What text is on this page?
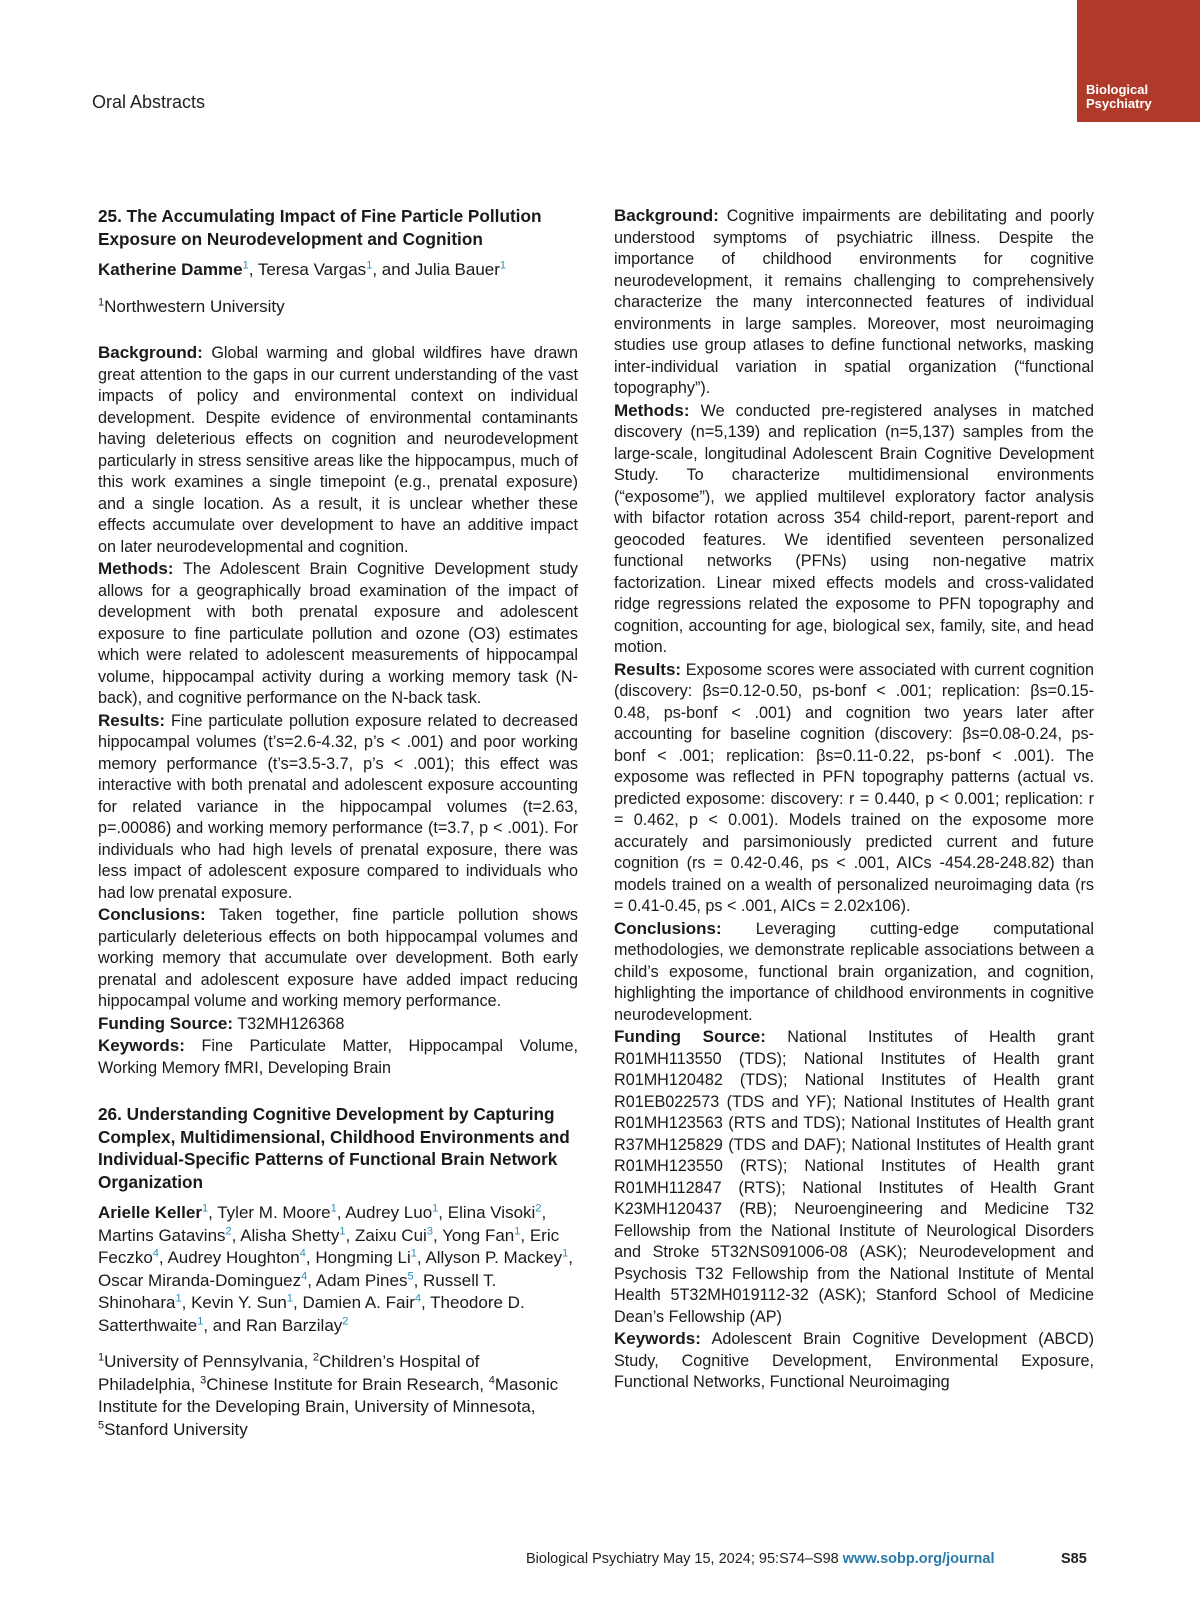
Oral Abstracts
Biological Psychiatry

25. The Accumulating Impact of Fine Particle Pollution Exposure on Neurodevelopment and Cognition

Katherine Damme$^1$, Teresa Vargas$^1$, and Julia Bauer$^1$
$^1$Northwestern University

Background: Global warming and global wildfires have drawn great attention to the gaps in our current understanding of the vast impacts of policy and environmental context on individual development. Despite evidence of environmental contaminants having deleterious effects on cognition and neurodevelopment particularly in stress sensitive areas like the hippocampus, much of this work examines a single timepoint (e.g., prenatal exposure) and a single location. As a result, it is unclear whether these effects accumulate over development to have an additive impact on later neurodevelopmental and cognition.

Methods: The Adolescent Brain Cognitive Development study allows for a geographically broad examination of the impact of development with both prenatal exposure and adolescent exposure to fine particulate pollution and ozone (O3) estimates which were related to adolescent measurements of hippocampal volume, hippocampal activity during a working memory task (N-back), and cognitive performance on the N-back task.

Results: Fine particulate pollution exposure related to decreased hippocampal volumes (t’s=2.6-4.32, p’s < .001) and poor working memory performance (t’s=3.5-3.7, p’s < .001); this effect was interactive with both prenatal and adolescent exposure accounting for related variance in the hippocampal volumes (t=2.63, p=.00086) and working memory performance (t=3.7, p < .001). For individuals who had high levels of prenatal exposure, there was less impact of adolescent exposure compared to individuals who had low prenatal exposure.

Conclusions: Taken together, fine particle pollution shows particularly deleterious effects on both hippocampal volumes and working memory that accumulate over development. Both early prenatal and adolescent exposure have added impact reducing hippocampal volume and working memory performance.

Funding Source: T32MH126368

Keywords: Fine Particulate Matter, Hippocampal Volume, Working Memory fMRI, Developing Brain

26. Understanding Cognitive Development by Capturing Complex, Multidimensional, Childhood Environments and Individual-Specific Patterns of Functional Brain Network Organization

Arielle Keller$^1$, Tyler M. Moore$^1$, Audrey Luo$^1$, Elina Visoki$^2$, Martins Gatavins$^2$, Alisha Shetty$^1$, Zaixu Cui$^3$, Yong Fan$^1$, Eric Feczko$^4$, Audrey Houghton$^4$, Hongming Li$^1$, Allyson P. Mackey$^1$, Oscar Miranda-Dominguez$^4$, Adam Pines$^5$, Russell T. Shinohara$^1$, Kevin Y. Sun$^1$, Damien A. Fair$^4$, Theodore D. Satterthwaite$^1$, and Ran Barzilay$^2$
$^1$University of Pennsylvania, $^2$Children’s Hospital of Philadelphia, $^3$Chinese Institute for Brain Research, $^4$Masonic Institute for the Developing Brain, University of Minnesota, $^5$Stanford University

Background: Cognitive impairments are debilitating and poorly understood symptoms of psychiatric illness. Despite the importance of childhood environments for cognitive neurodevelopment, it remains challenging to comprehensively characterize the many interconnected features of individual environments in large samples. Moreover, most neuroimaging studies use group atlases to define functional networks, masking inter-individual variation in spatial organization (“functional topography”).

Methods: We conducted pre-registered analyses in matched discovery (n=5,139) and replication (n=5,137) samples from the large-scale, longitudinal Adolescent Brain Cognitive Development Study. To characterize multidimensional environments (“exposome”), we applied multilevel exploratory factor analysis with bifactor rotation across 354 child-report, parent-report and geocoded features. We identified seventeen personalized functional networks (PFNs) using non-negative matrix factorization. Linear mixed effects models and cross-validated ridge regressions related the exposome to PFN topography and cognition, accounting for age, biological sex, family, site, and head motion.

Results: Exposome scores were associated with current cognition (discovery: βs=0.12-0.50, ps-bonf < .001; replication: βs=0.15-0.48, ps-bonf < .001) and cognition two years later after accounting for baseline cognition (discovery: βs=0.08-0.24, ps-bonf < .001; replication: βs=0.11-0.22, ps-bonf < .001). The exposome was reflected in PFN topography patterns (actual vs. predicted exposome: discovery: r = 0.440, p < 0.001; replication: r = 0.462, p < 0.001). Models trained on the exposome more accurately and parsimoniously predicted current and future cognition (rs = 0.42-0.46, ps < .001, AICs -454.28-248.82) than models trained on a wealth of personalized neuroimaging data (rs = 0.41-0.45, ps < .001, AICs = 2.02x106).

Conclusions: Leveraging cutting-edge computational methodologies, we demonstrate replicable associations between a child’s exposome, functional brain organization, and cognition, highlighting the importance of childhood environments in cognitive neurodevelopment.

Funding Source: National Institutes of Health grant R01MH113550 (TDS); National Institutes of Health grant R01MH120482 (TDS); National Institutes of Health grant R01EB022573 (TDS and YF); National Institutes of Health grant R01MH123563 (RTS and TDS); National Institutes of Health grant R37MH125829 (TDS and DAF); National Institutes of Health grant R01MH123550 (RTS); National Institutes of Health grant R01MH112847 (RTS); National Institutes of Health Grant K23MH120437 (RB); Neuroengineering and Medicine T32 Fellowship from the National Institute of Neurological Disorders and Stroke 5T32NS091006-08 (ASK); Neurodevelopment and Psychosis T32 Fellowship from the National Institute of Mental Health 5T32MH019112-32 (ASK); Stanford School of Medicine Dean’s Fellowship (AP)

Keywords: Adolescent Brain Cognitive Development (ABCD) Study, Cognitive Development, Environmental Exposure, Functional Networks, Functional Neuroimaging

Biological Psychiatry May 15, 2024; 95:S74–S98 www.sobp.org/journal	S85
